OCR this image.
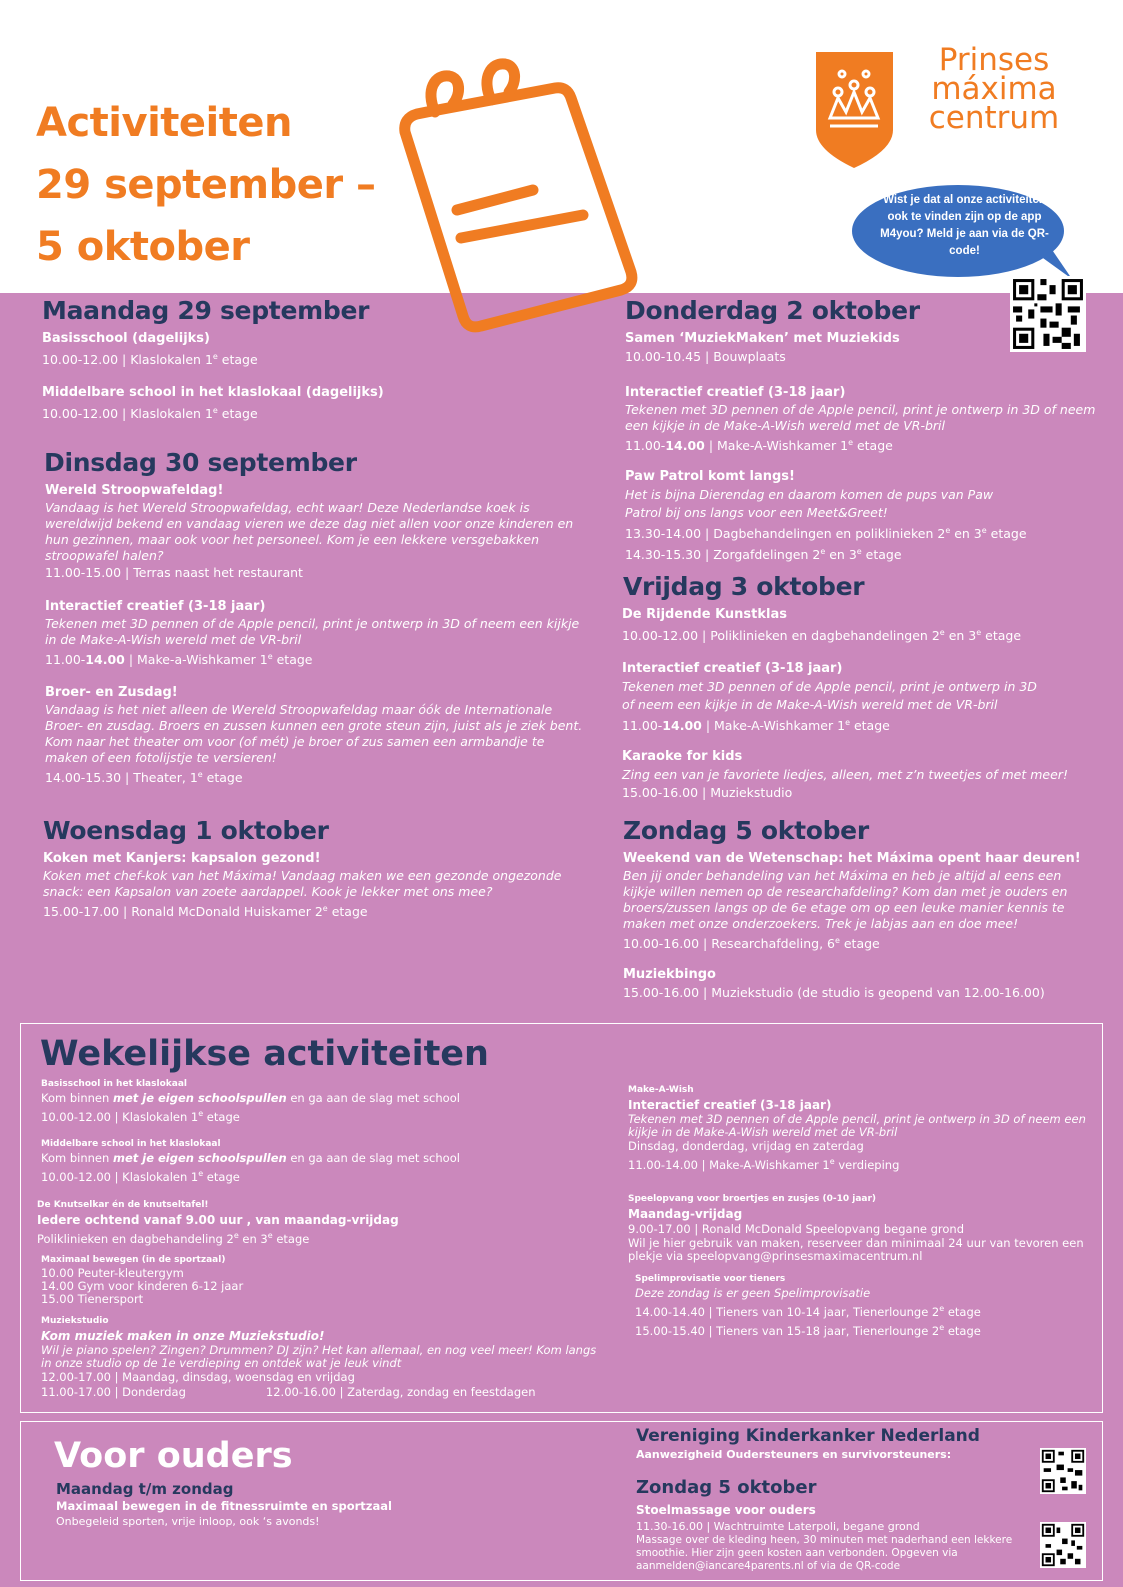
Activiteiten
29 september –
5 oktober
Prinses
máxima
centrum
Wist je dat al onze activiteiten ook te vinden zijn op de app M4you? Meld je aan via de QR-code!
Maandag 29 september
Basisschool (dagelijks)
10.00-12.00 | Klaslokalen 1e etage
Middelbare school in het klaslokaal (dagelijks)
10.00-12.00 | Klaslokalen 1e etage
Dinsdag 30 september
Wereld Stroopwafeldag!
Vandaag is het Wereld Stroopwafeldag, echt waar! Deze Nederlandse koek is wereldwijd bekend en vandaag vieren we deze dag niet allen voor onze kinderen en hun gezinnen, maar ook voor het personeel. Kom je een lekkere versgebakken stroopwafel halen?
11.00-15.00 | Terras naast het restaurant
Interactief creatief (3-18 jaar)
Tekenen met 3D pennen of de Apple pencil, print je ontwerp in 3D of neem een kijkje in de Make-A-Wish wereld met de VR-bril
11.00-14.00 | Make-a-Wishkamer 1e etage
Broer- en Zusdag!
Vandaag is het niet alleen de Wereld Stroopwafeldag maar óók de Internationale Broer- en zusdag. Broers en zussen kunnen een grote steun zijn, juist als je ziek bent. Kom naar het theater om voor (of mét) je broer of zus samen een armbandje te maken of een fotolijstje te versieren!
14.00-15.30 | Theater, 1e etage
Woensdag 1 oktober
Koken met Kanjers: kapsalon gezond!
Koken met chef-kok van het Máxima! Vandaag maken we een gezonde ongezonde snack: een Kapsalon van zoete aardappel. Kook je lekker met ons mee?
15.00-17.00 | Ronald McDonald Huiskamer 2e etage
Donderdag 2 oktober
Samen ‘MuziekMaken’ met Muziekids
10.00-10.45 | Bouwplaats
Interactief creatief (3-18 jaar)
Tekenen met 3D pennen of de Apple pencil, print je ontwerp in 3D of neem een kijkje in de Make-A-Wish wereld met de VR-bril
11.00-14.00 | Make-A-Wishkamer 1e etage
Paw Patrol komt langs!
Het is bijna Dierendag en daarom komen de pups van Paw Patrol bij ons langs voor een Meet&Greet!
13.30-14.00 | Dagbehandelingen en poliklinieken 2e en 3e etage
14.30-15.30 | Zorgafdelingen 2e en 3e etage
Vrijdag 3 oktober
De Rijdende Kunstklas
10.00-12.00 | Poliklinieken en dagbehandelingen 2e en 3e etage
Interactief creatief (3-18 jaar)
Tekenen met 3D pennen of de Apple pencil, print je ontwerp in 3D of neem een kijkje in de Make-A-Wish wereld met de VR-bril
11.00-14.00 | Make-A-Wishkamer 1e etage
Karaoke for kids
Zing een van je favoriete liedjes, alleen, met z’n tweetjes of met meer!
15.00-16.00 | Muziekstudio
Zondag 5 oktober
Weekend van de Wetenschap: het Máxima opent haar deuren!
Ben jij onder behandeling van het Máxima en heb je altijd al eens een kijkje willen nemen op de researchafdeling? Kom dan met je ouders en broers/zussen langs op de 6e etage om op een leuke manier kennis te maken met onze onderzoekers. Trek je labjas aan en doe mee!
10.00-16.00 | Researchafdeling, 6e etage
Muziekbingo
15.00-16.00 | Muziekstudio (de studio is geopend van 12.00-16.00)
Wekelijkse activiteiten
Basisschool in het klaslokaal
Kom binnen met je eigen schoolspullen en ga aan de slag met school
10.00-12.00 | Klaslokalen 1e etage
Middelbare school in het klaslokaal
Kom binnen met je eigen schoolspullen en ga aan de slag met school
10.00-12.00 | Klaslokalen 1e etage
De Knutselkar én de knutseltafel!
Iedere ochtend vanaf 9.00 uur , van maandag-vrijdag
Poliklinieken en dagbehandeling 2e en 3e etage
Maximaal bewegen (in de sportzaal)
10.00 Peuter-kleutergym
14.00 Gym voor kinderen 6-12 jaar
15.00 Tienersport
Muziekstudio
Kom muziek maken in onze Muziekstudio!
Wil je piano spelen? Zingen? Drummen? DJ zijn? Het kan allemaal, en nog veel meer! Kom langs in onze studio op de 1e verdieping en ontdek wat je leuk vindt
12.00-17.00 | Maandag, dinsdag, woensdag en vrijdag
11.00-17.00 | Donderdag	12.00-16.00 | Zaterdag, zondag en feestdagen
Make-A-Wish
Interactief creatief (3-18 jaar)
Tekenen met 3D pennen of de Apple pencil, print je ontwerp in 3D of neem een kijkje in de Make-A-Wish wereld met de VR-bril
Dinsdag, donderdag, vrijdag en zaterdag
11.00-14.00 | Make-A-Wishkamer 1e verdieping
Speelopvang voor broertjes en zusjes (0-10 jaar)
Maandag-vrijdag
9.00-17.00 | Ronald McDonald Speelopvang begane grond
Wil je hier gebruik van maken, reserveer dan minimaal 24 uur van tevoren een plekje via speelopvang@prinsesmaximacentrum.nl
Spelimprovisatie voor tieners
Deze zondag is er geen Spelimprovisatie
14.00-14.40 | Tieners van 10-14 jaar, Tienerlounge 2e etage
15.00-15.40 | Tieners van 15-18 jaar, Tienerlounge 2e etage
Voor ouders
Maandag t/m zondag
Maximaal bewegen in de fitnessruimte en sportzaal
Onbegeleid sporten, vrije inloop, ook ‘s avonds!
Vereniging Kinderkanker Nederland
Aanwezigheid Oudersteuners en survivorsteuners:
Zondag 5 oktober
Stoelmassage voor ouders
11.30-16.00 | Wachtruimte Laterpoli, begane grond
Massage over de kleding heen, 30 minuten met naderhand een lekkere smoothie. Hier zijn geen kosten aan verbonden. Opgeven via aanmelden@iancare4parents.nl of via de QR-code
